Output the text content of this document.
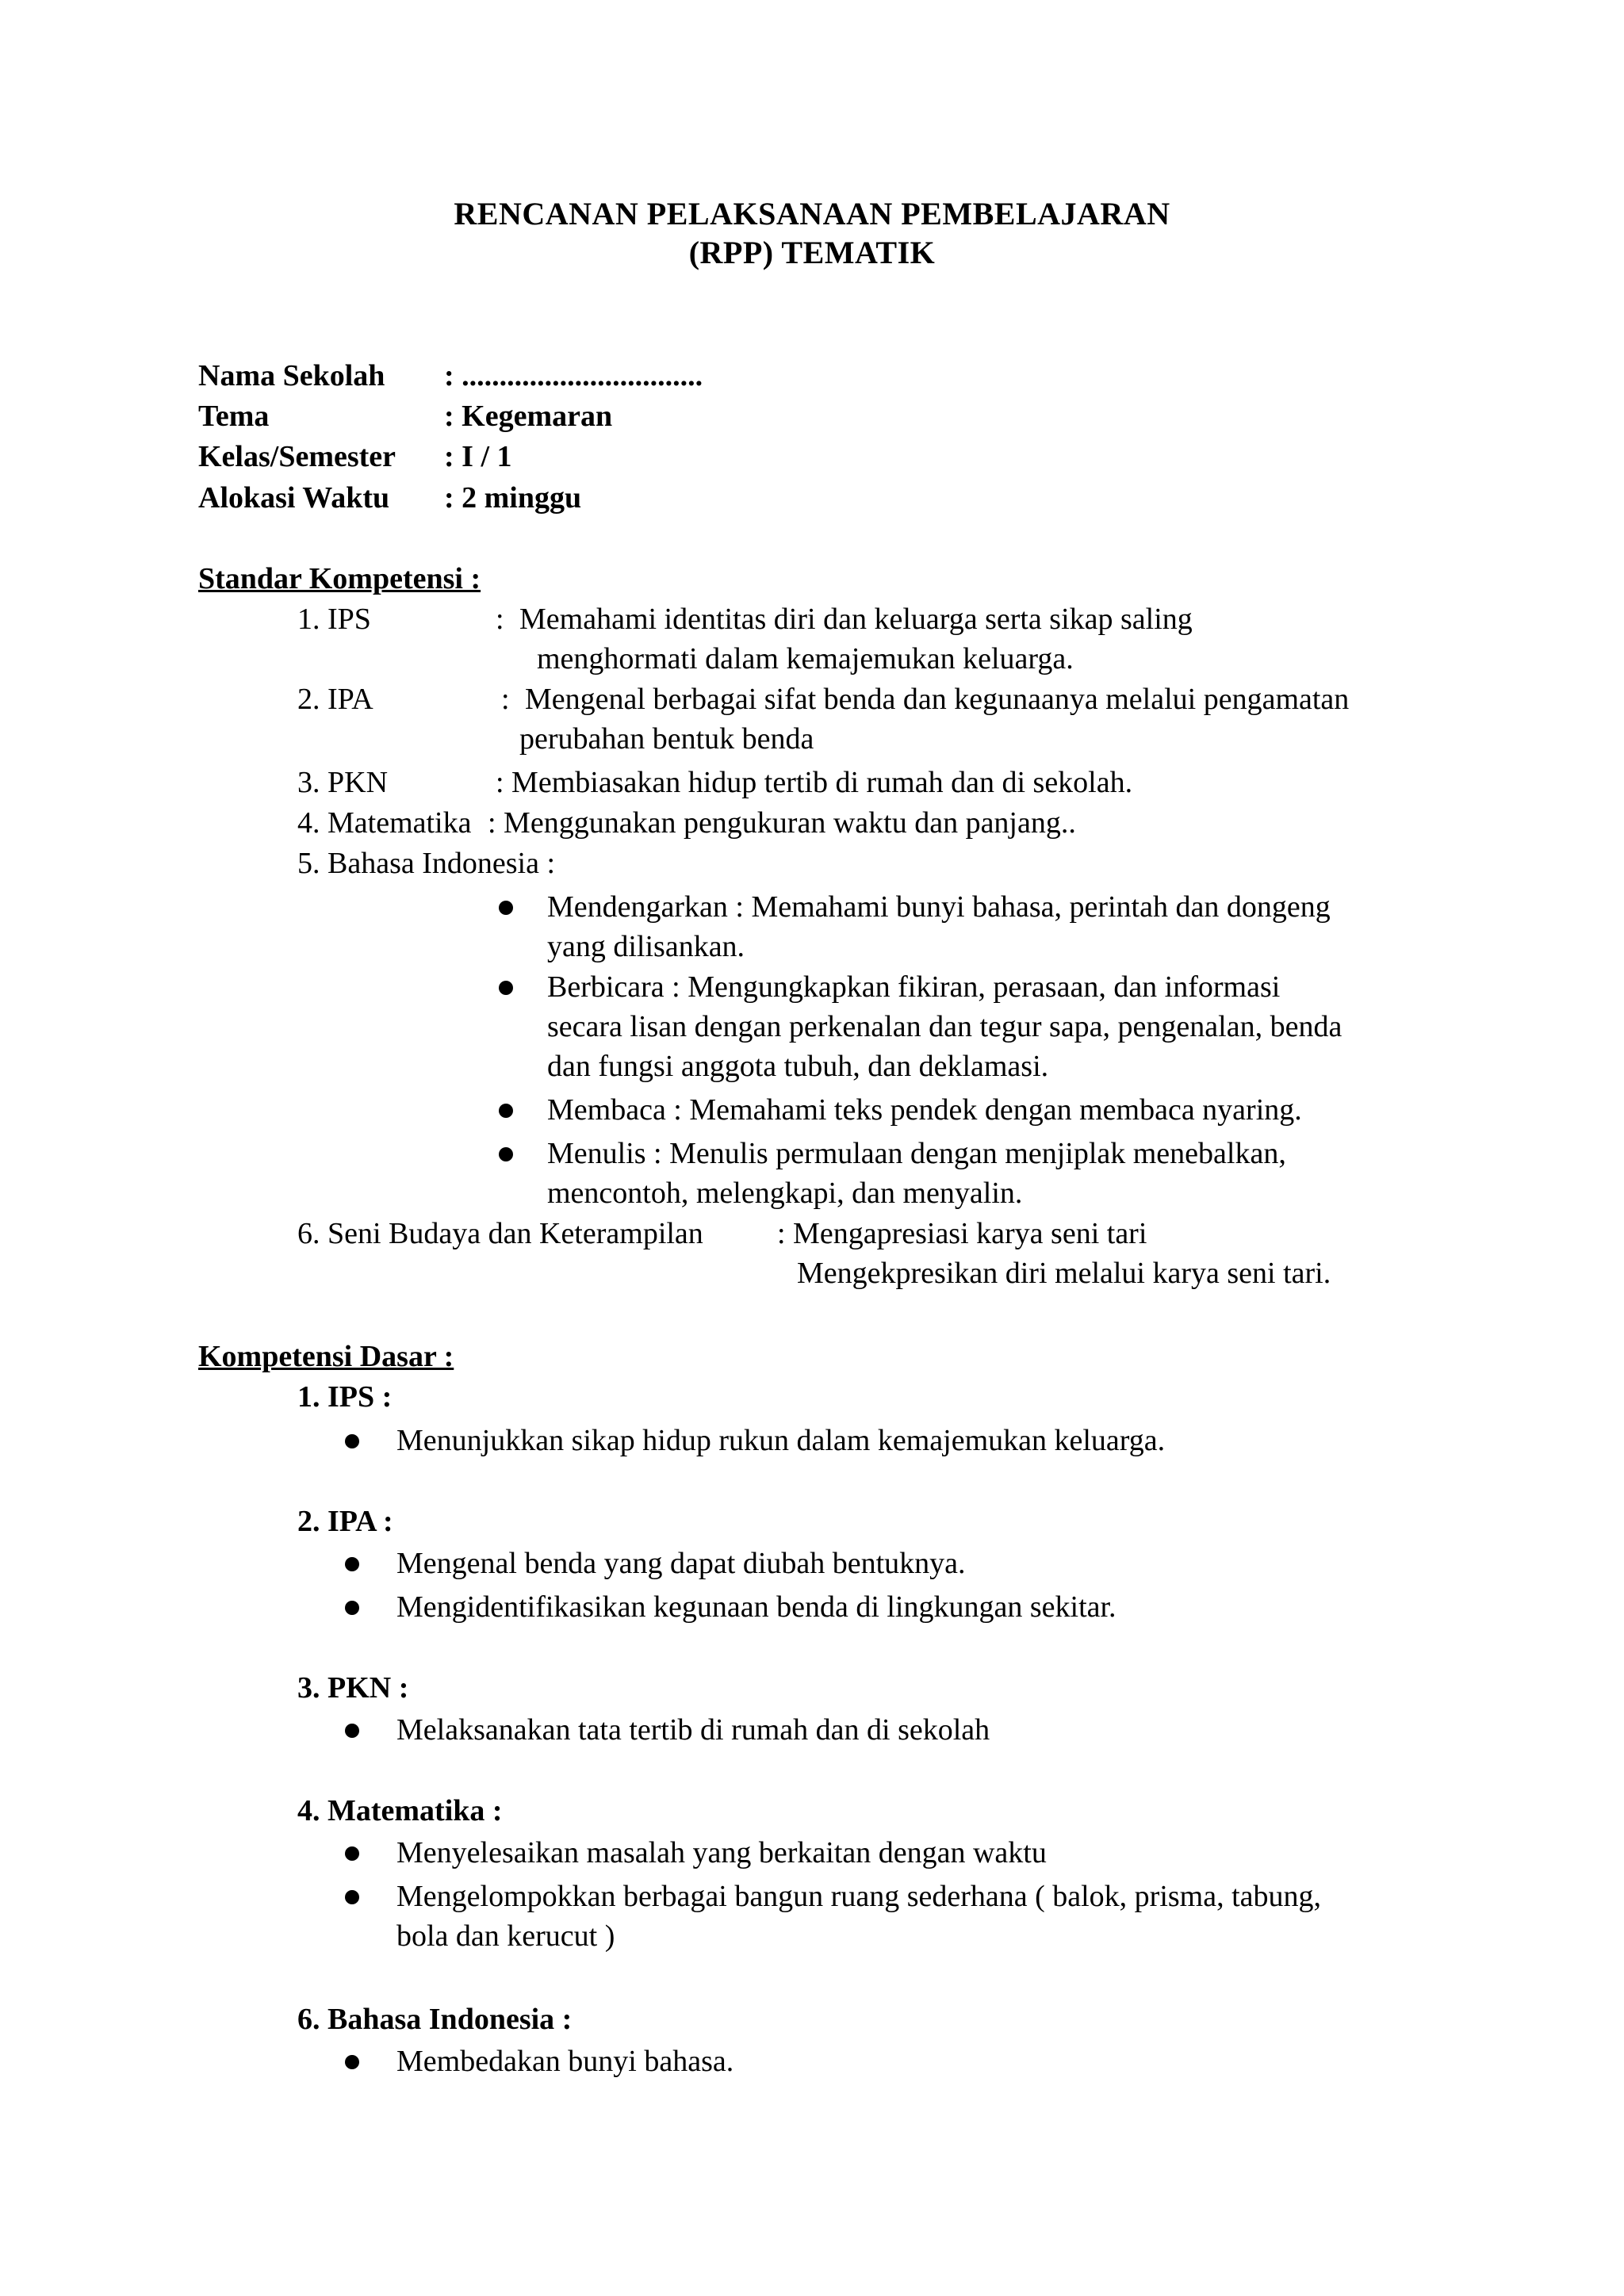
RENCANAN PELAKSANAAN PEMBELAJARAN
(RPP) TEMATIK
Nama Sekolah : ................................
Tema	: Kegemaran
Kelas/Semester : I / 1
Alokasi Waktu : 2 minggu
Standar Kompetensi :
1. IPS	: Memahami identitas diri dan keluarga serta sikap saling
menghormati dalam kemajemukan keluarga.
2. IPA	: Mengenal berbagai sifat benda dan kegunaanya melalui pengamatan
perubahan bentuk benda
3. PKN	: Membiasakan hidup tertib di rumah dan di sekolah.
4. Matematika : Menggunakan pengukuran waktu dan panjang..
5. Bahasa Indonesia :
Mendengarkan : Memahami bunyi bahasa, perintah dan dongeng
yang dilisankan.
Berbicara : Mengungkapkan fikiran, perasaan, dan informasi
secara lisan dengan perkenalan dan tegur sapa, pengenalan, benda
dan fungsi anggota tubuh, dan deklamasi.
Membaca : Memahami teks pendek dengan membaca nyaring.
Menulis : Menulis permulaan dengan menjiplak menebalkan,
mencontoh, melengkapi, dan menyalin.
6. Seni Budaya dan Keterampilan : Mengapresiasi karya seni tari
Mengekpresikan diri melalui karya seni tari.
Kompetensi Dasar :
1. IPS :
Menunjukkan sikap hidup rukun dalam kemajemukan keluarga.
2. IPA :
Mengenal benda yang dapat diubah bentuknya.
Mengidentifikasikan kegunaan benda di lingkungan sekitar.
3. PKN :
Melaksanakan tata tertib di rumah dan di sekolah
4. Matematika :
Menyelesaikan masalah yang berkaitan dengan waktu
Mengelompokkan berbagai bangun ruang sederhana ( balok, prisma, tabung,
bola dan kerucut )
6. Bahasa Indonesia :
Membedakan bunyi bahasa.
